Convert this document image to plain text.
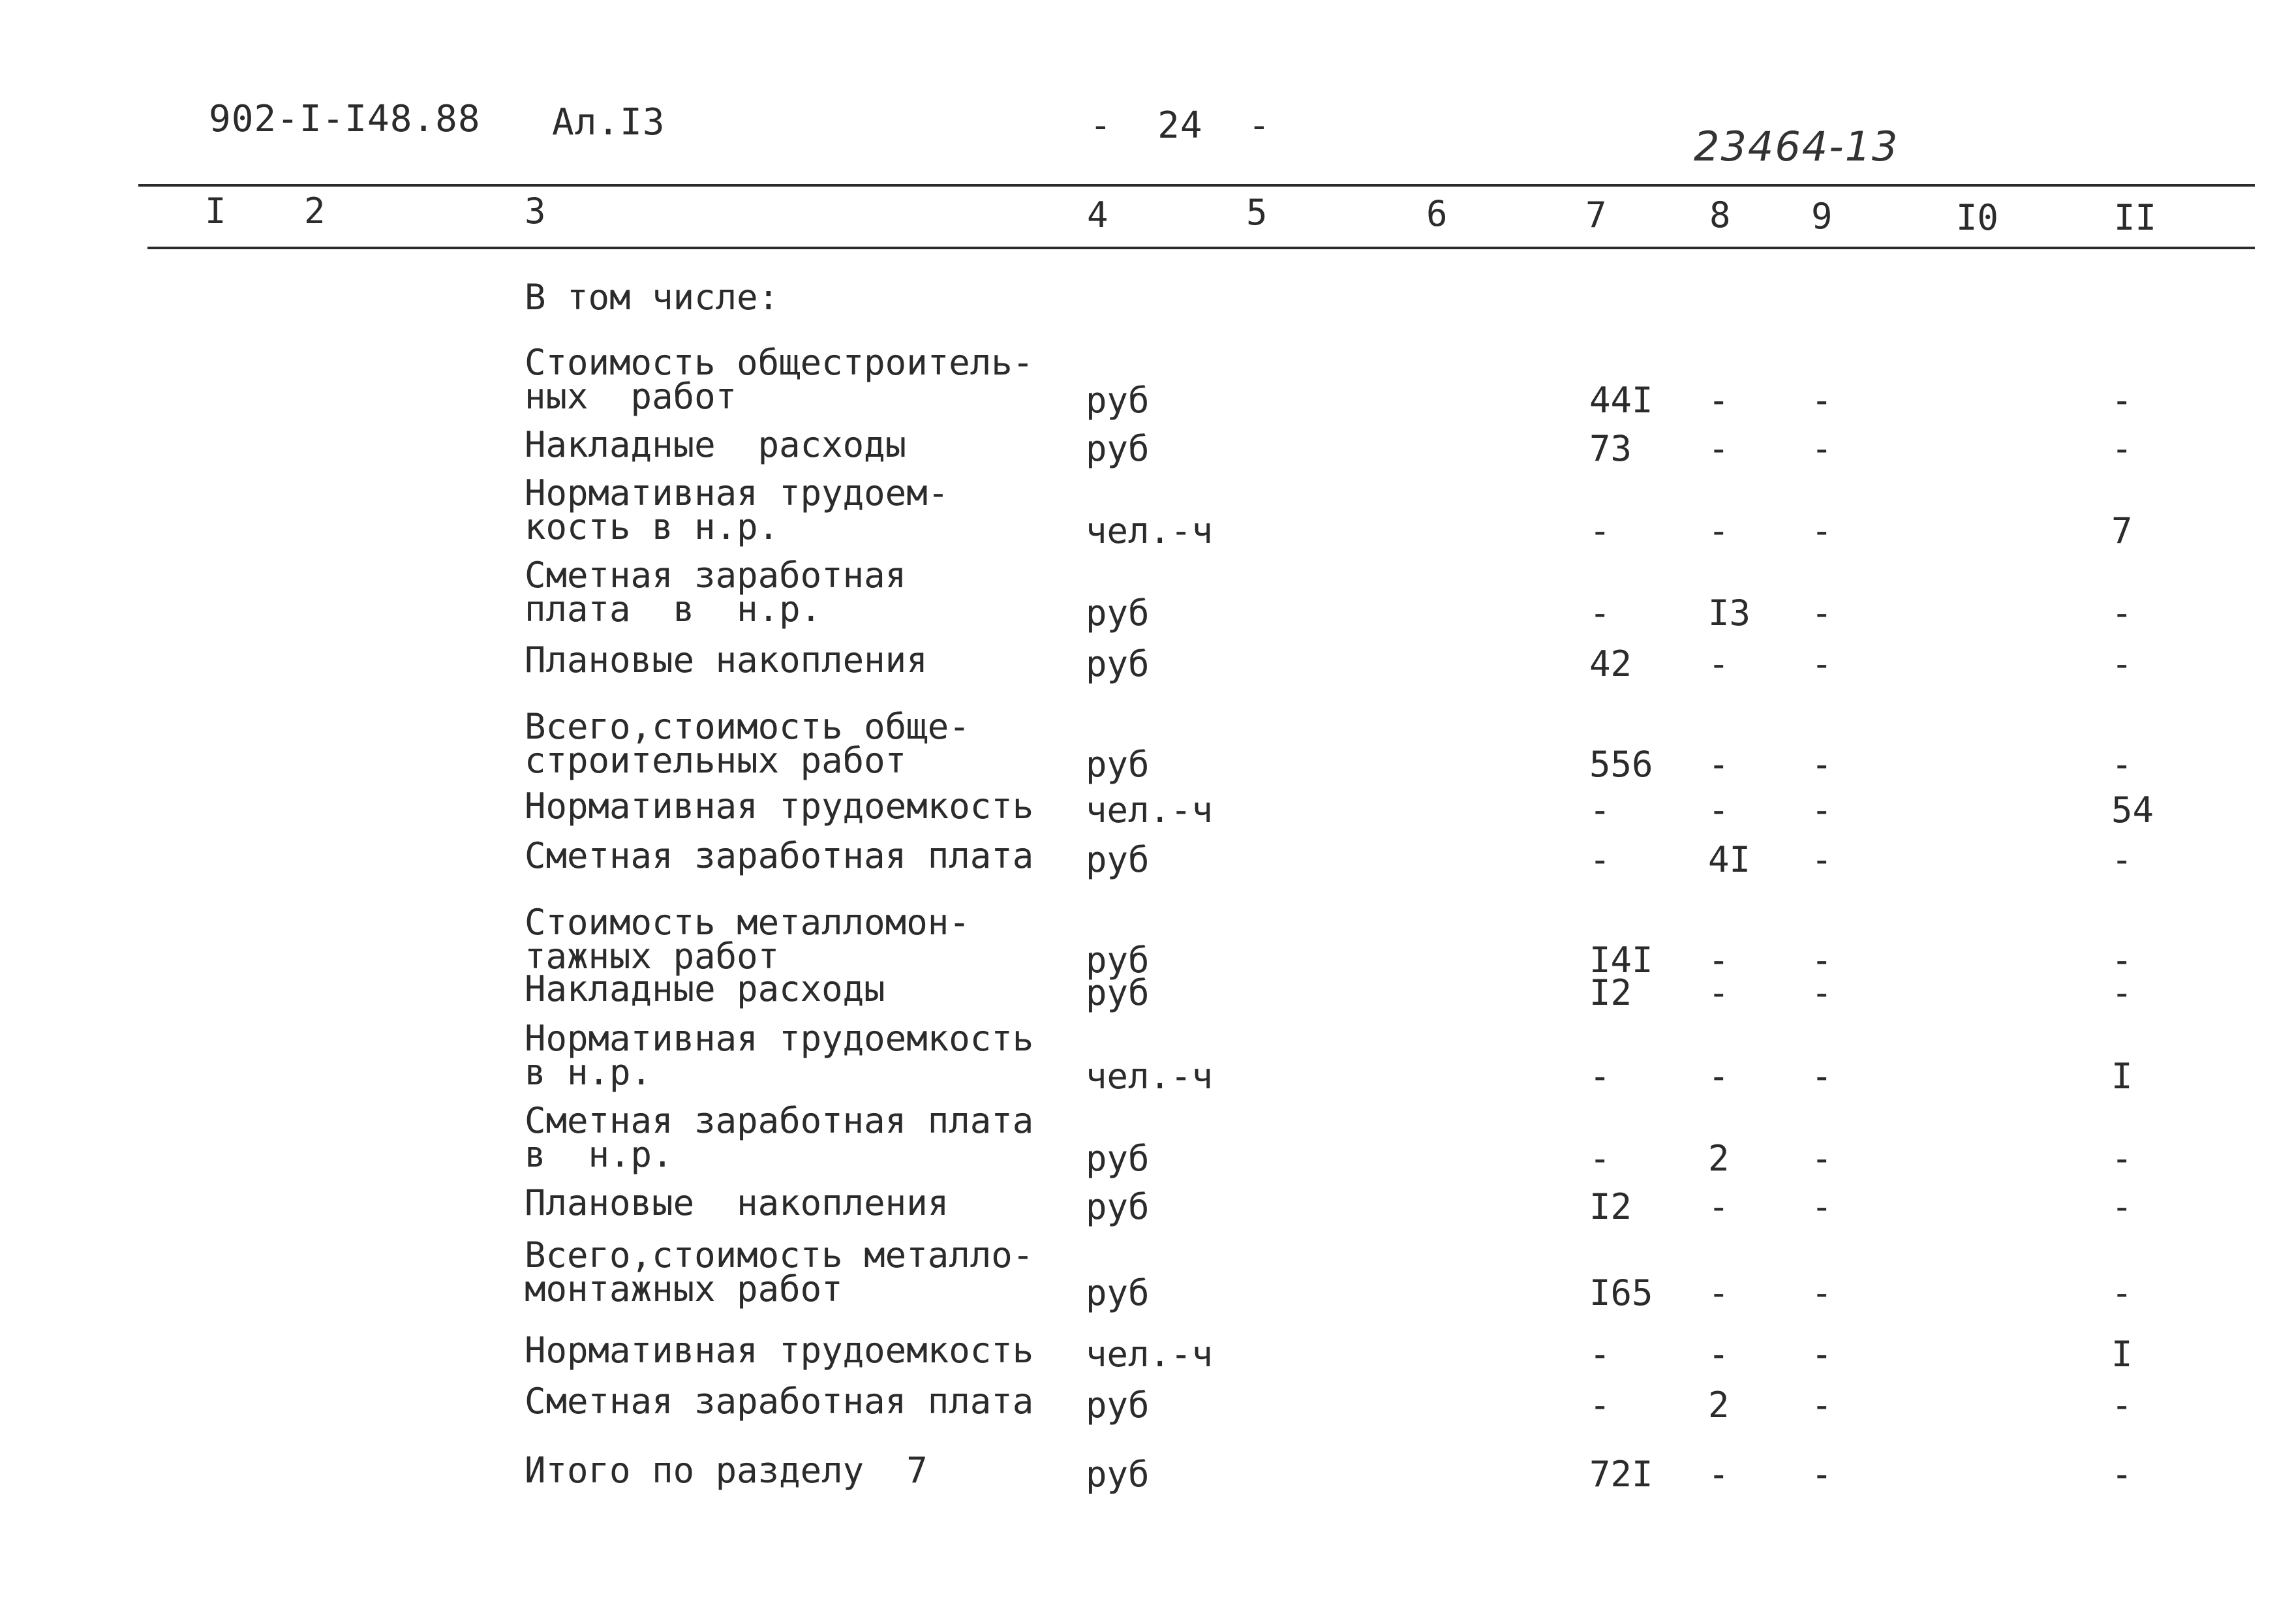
902-I-I48.88 Ал.I3	-  24  -	23464-13
I 2	3	4	5	6	7	8 9	I0	II
В том числе:
Стоимость общестроитель-
ных  работ	руб	44I - -	-
Накладные  расходы	руб	73 - -	-
Нормативная трудоем-
кость в н.р.	чел.-ч	-	- -	7
Сметная заработная
плата  в  н.р.	руб	-	I3 -	-
Плановые накопления	руб	42 - -	-
Всего,стоимость обще-
строительных работ	руб	556 - -	-
Нормативная трудоемкость чел.-ч	-	- -	54
Сметная заработная плата руб	-	4I -	-
Стоимость металломон-
тажных работ	руб	I4I - -	-
Накладные расходы	руб	I2 - -	-
Нормативная трудоемкость
в н.р.	чел.-ч	-	- -	I
Сметная заработная плата
в  н.р.	руб	-	2 -	-
Плановые  накопления	руб	I2 - -	-
Всего,стоимость металло-
монтажных работ	руб	I65 - -	-
Нормативная трудоемкость чел.-ч	-	- -	I
Сметная заработная плата руб	-	2 -	-
Итого по разделу  7	руб	72I - -	-
